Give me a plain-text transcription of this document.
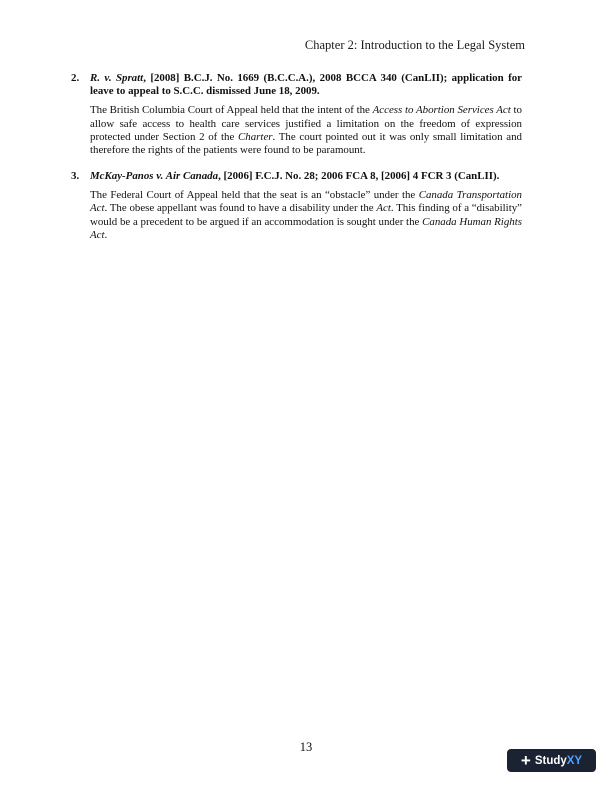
Chapter 2: Introduction to the Legal System
2. R. v. Spratt, [2008] B.C.J. No. 1669 (B.C.C.A.), 2008 BCCA 340 (CanLII); application for leave to appeal to S.C.C. dismissed June 18, 2009.

The British Columbia Court of Appeal held that the intent of the Access to Abortion Services Act to allow safe access to health care services justified a limitation on the freedom of expression protected under Section 2 of the Charter. The court pointed out it was only small limitation and therefore the rights of the patients were found to be paramount.

3. McKay-Panos v. Air Canada, [2006] F.C.J. No. 28; 2006 FCA 8, [2006] 4 FCR 3 (CanLII).

The Federal Court of Appeal held that the seat is an “obstacle” under the Canada Transportation Act. The obese appellant was found to have a disability under the Act. This finding of a “disability” would be a precedent to be argued if an accommodation is sought under the Canada Human Rights Act.

13
+ StudyXY
